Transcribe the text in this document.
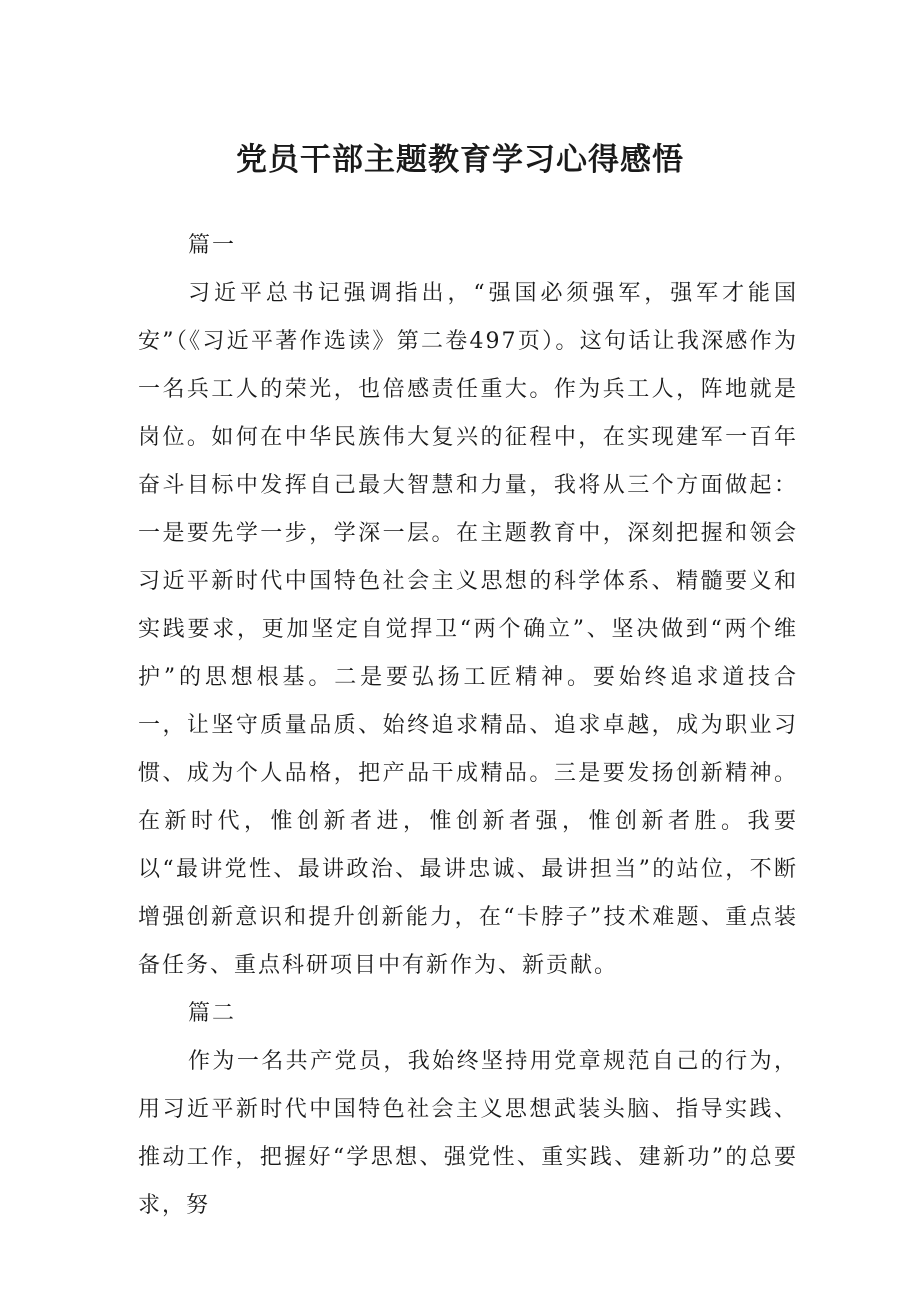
党员干部主题教育学习心得感悟

篇一

习近平总书记强调指出，“强国必须强军，强军才能国安”（《习近平著作选读》第二卷497页）。这句话让我深感作为一名兵工人的荣光，也倍感责任重大。作为兵工人，阵地就是岗位。如何在中华民族伟大复兴的征程中，在实现建军一百年奋斗目标中发挥自己最大智慧和力量，我将从三个方面做起：一是要先学一步，学深一层。在主题教育中，深刻把握和领会习近平新时代中国特色社会主义思想的科学体系、精髓要义和实践要求，更加坚定自觉捍卫“两个确立”、坚决做到“两个维护”的思想根基。二是要弘扬工匠精神。要始终追求道技合一，让坚守质量品质、始终追求精品、追求卓越，成为职业习惯、成为个人品格，把产品干成精品。三是要发扬创新精神。在新时代，惟创新者进，惟创新者强，惟创新者胜。我要以“最讲党性、最讲政治、最讲忠诚、最讲担当”的站位，不断增强创新意识和提升创新能力，在“卡脖子”技术难题、重点装备任务、重点科研项目中有新作为、新贡献。

篇二

作为一名共产党员，我始终坚持用党章规范自己的行为，用习近平新时代中国特色社会主义思想武装头脑、指导实践、推动工作，把握好“学思想、强党性、重实践、建新功”的总要求，努
